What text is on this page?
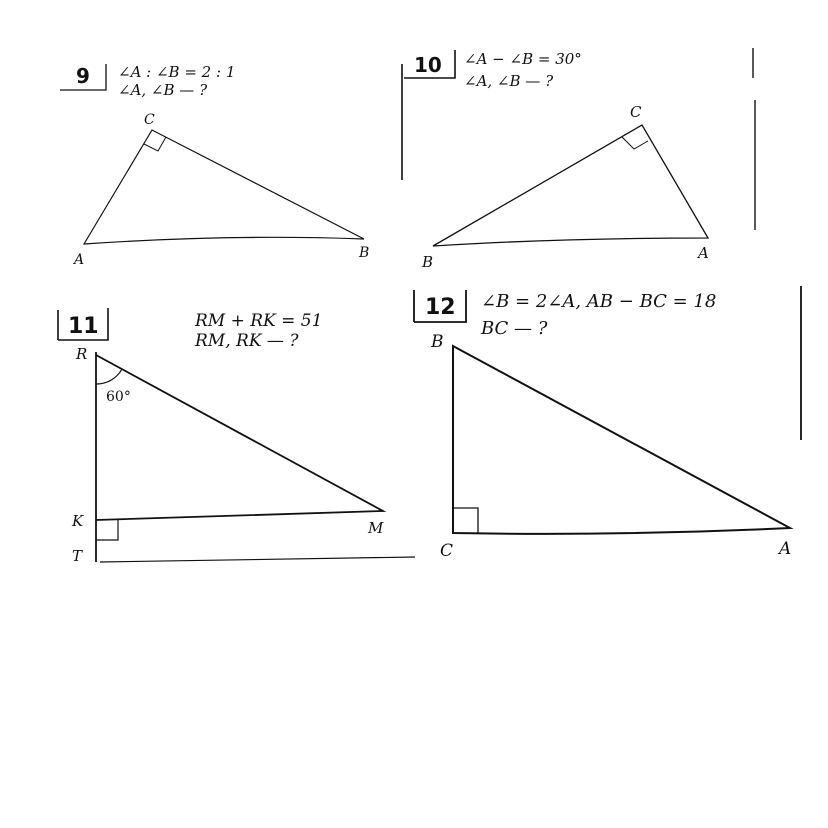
9 ∠A : ∠B = 2 : 1
∠A, ∠B — ?
C
A	B
10 ∠A − ∠B = 30°
∠A, ∠B — ?
C
B	A
11	RM + RK = 51
RM, RK — ?
60°
R
K	M
T
12 ∠B = 2∠A, AB − BC = 18
BC — ?
B
C	A
